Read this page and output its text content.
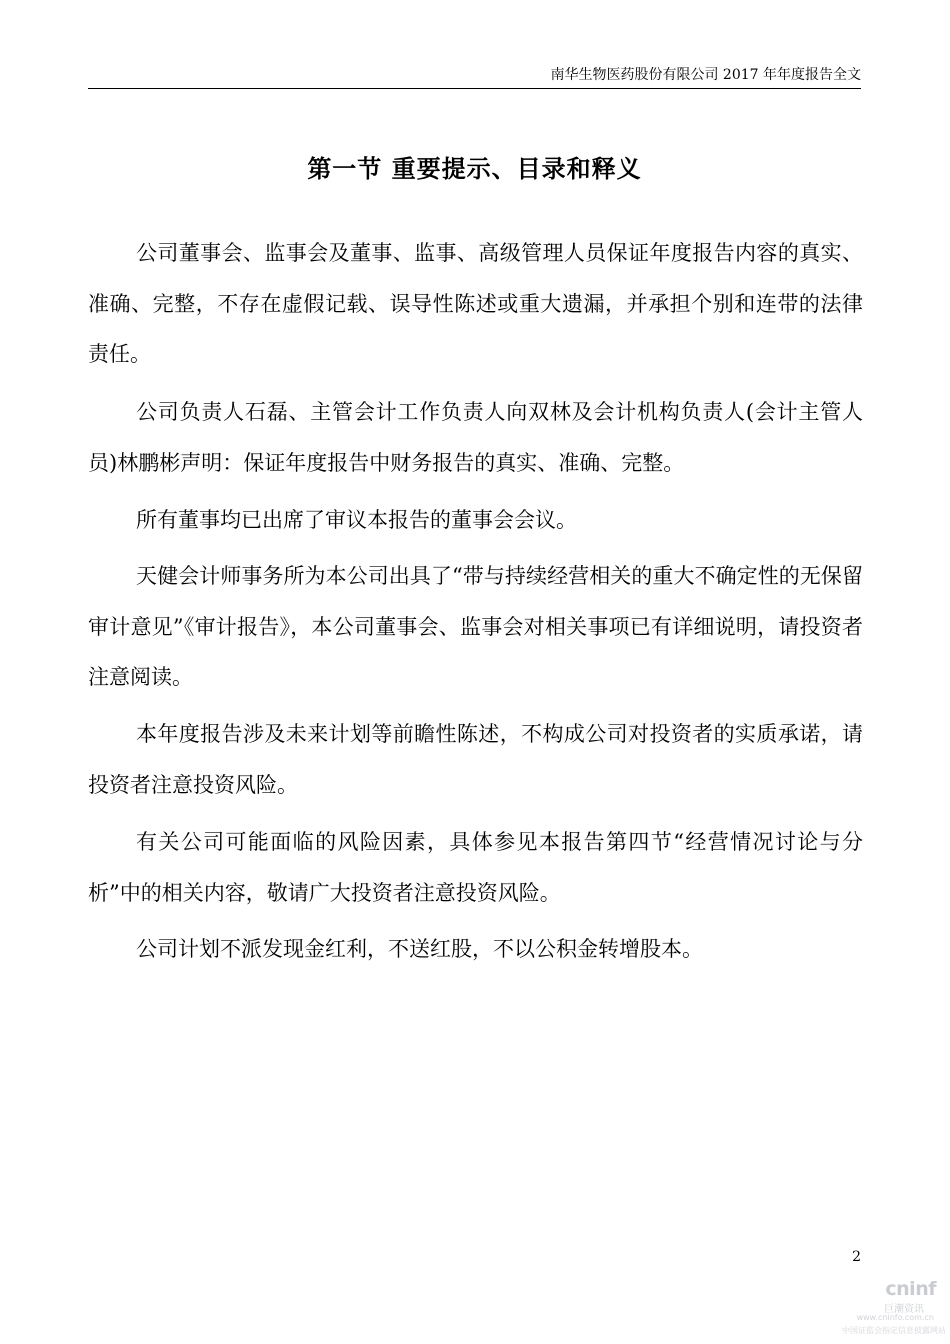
南华生物医药股份有限公司 2017 年年度报告全文
第一节 重要提示、目录和释义

公司董事会、监事会及董事、监事、高级管理人员保证年度报告内容的真实、准确、完整，不存在虚假记载、误导性陈述或重大遗漏，并承担个别和连带的法律责任。

公司负责人石磊、主管会计工作负责人向双林及会计机构负责人(会计主管人员)林鹏彬声明：保证年度报告中财务报告的真实、准确、完整。

所有董事均已出席了审议本报告的董事会会议。

天健会计师事务所为本公司出具了“带与持续经营相关的重大不确定性的无保留审计意见”《审计报告》，本公司董事会、监事会对相关事项已有详细说明，请投资者注意阅读。

本年度报告涉及未来计划等前瞻性陈述，不构成公司对投资者的实质承诺，请投资者注意投资风险。

有关公司可能面临的风险因素，具体参见本报告第四节“经营情况讨论与分析”中的相关内容，敬请广大投资者注意投资风险。

公司计划不派发现金红利，不送红股，不以公积金转增股本。

2
cninf
巨潮资讯
www.cninfo.com.cn
中国证监会指定信息披露网站
